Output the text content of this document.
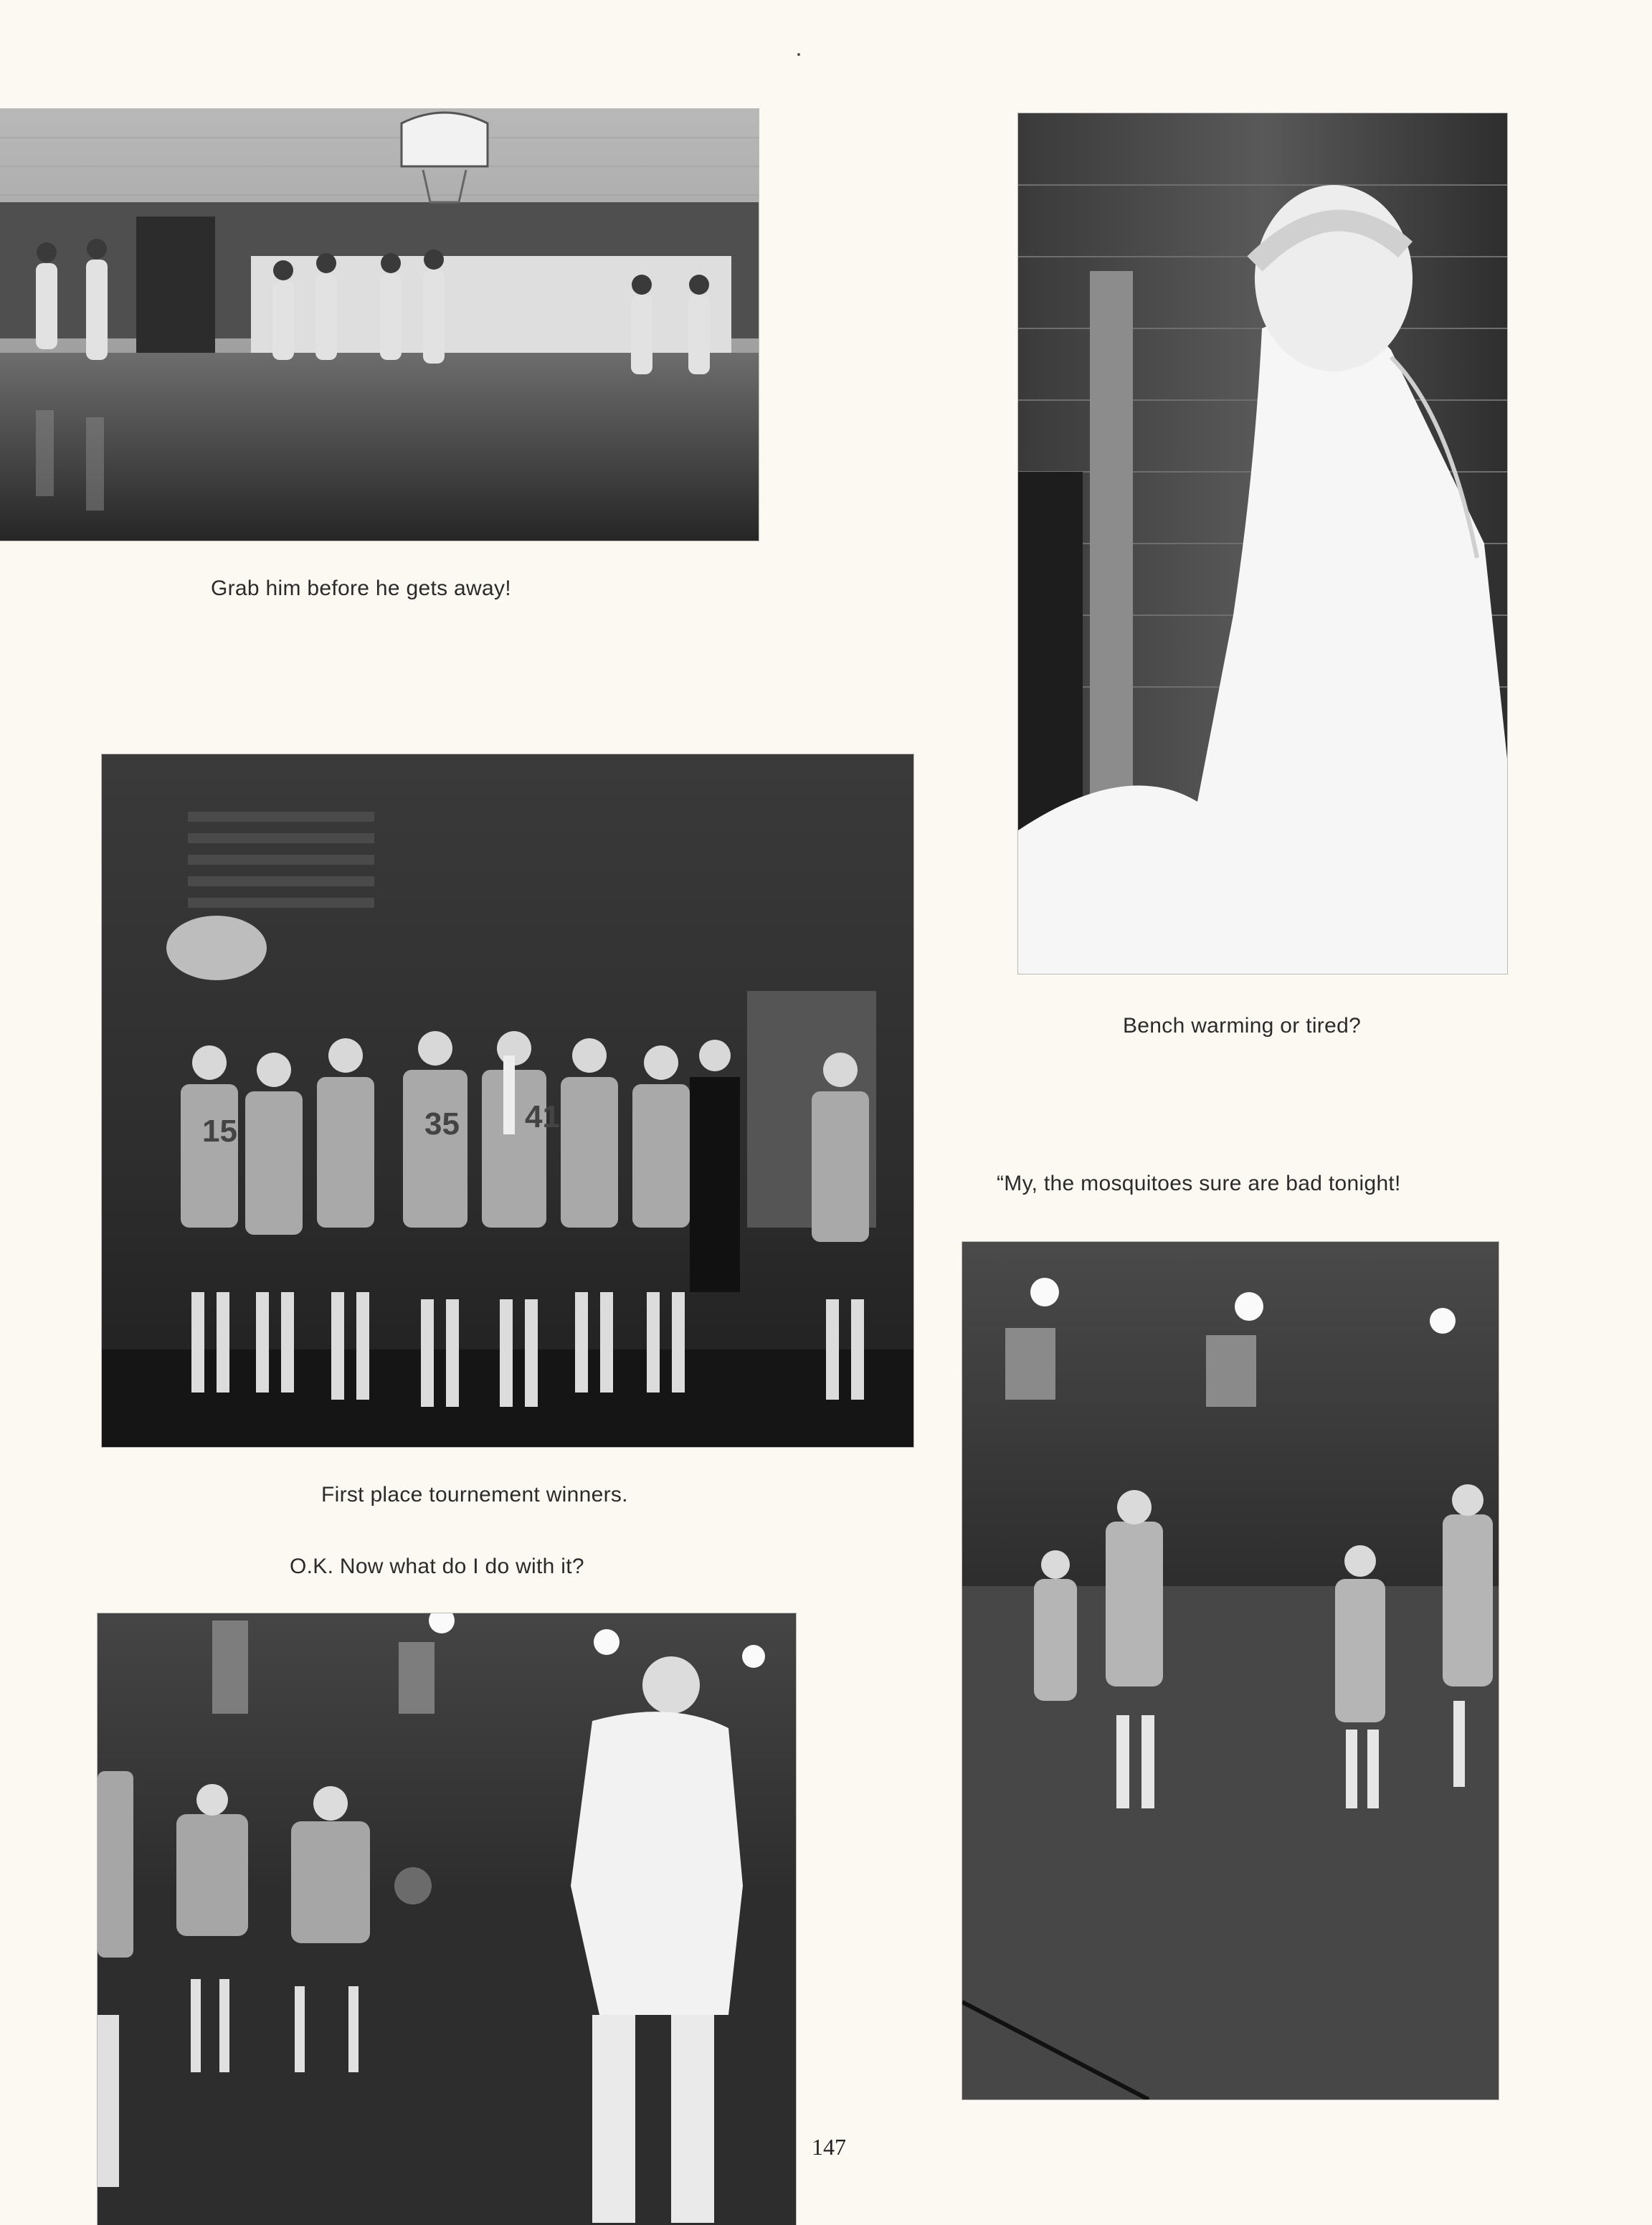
Grab him before he gets away!
Bench warming or tired?
15	35 41
First place tournement winners.
“My, the mosquitoes sure are bad tonight!
O.K. Now what do I do with it?
147
